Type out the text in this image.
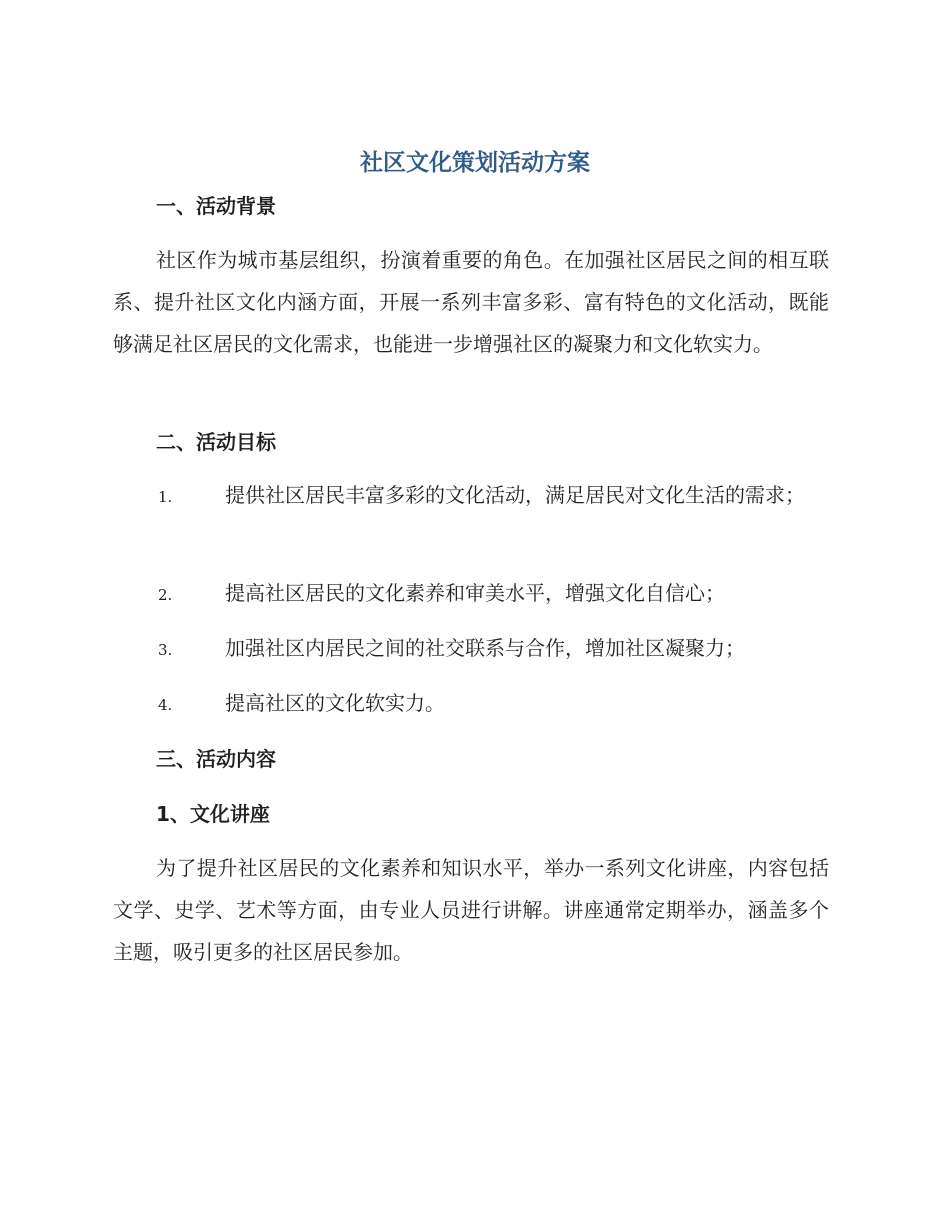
社区文化策划活动方案
一、活动背景

社区作为城市基层组织，扮演着重要的角色。在加强社区居民之间的相互联系、提升社区文化内涵方面，开展一系列丰富多彩、富有特色的文化活动，既能够满足社区居民的文化需求，也能进一步增强社区的凝聚力和文化软实力。

二、活动目标

1.	提供社区居民丰富多彩的文化活动，满足居民对文化生活的需求；

2.	提高社区居民的文化素养和审美水平，增强文化自信心；

3.	加强社区内居民之间的社交联系与合作，增加社区凝聚力；

4.	提高社区的文化软实力。

三、活动内容
1、文化讲座

为了提升社区居民的文化素养和知识水平，举办一系列文化讲座，内容包括文学、史学、艺术等方面，由专业人员进行讲解。讲座通常定期举办，涵盖多个主题，吸引更多的社区居民参加。
